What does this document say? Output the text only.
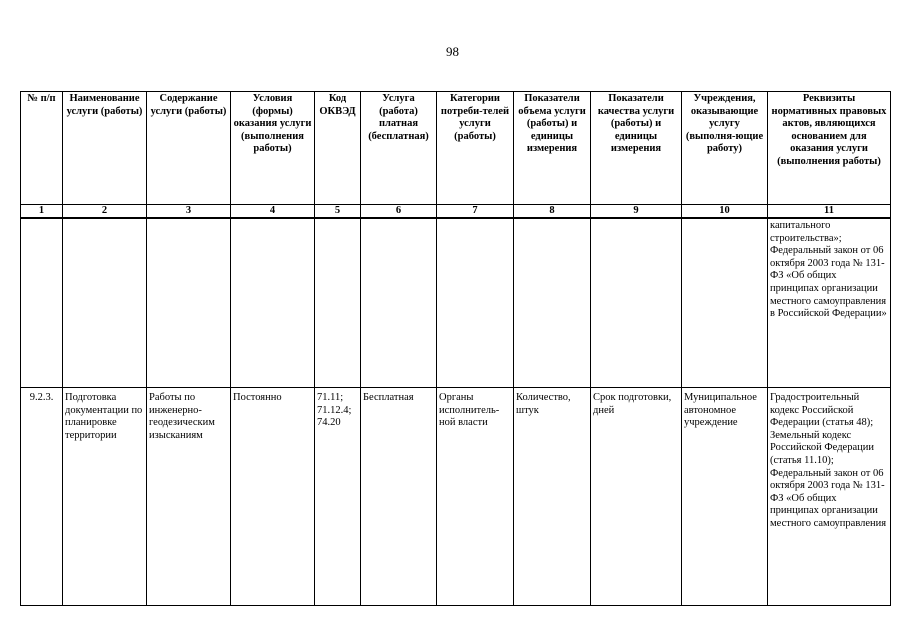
98
№ п/п	Наименование услуги (работы)	Содержание услуги (работы)	Условия (формы) оказания услуги (выполнения работы)	Код ОКВЭД	Услуга (работа) платная (бесплатная)	Категории потреби-телей услуги (работы)	Показатели объема услуги (работы) и единицы измерения	Показатели качества услуги (работы) и единицы измерения	Учреждения, оказывающие услугу (выполня-ющие работу)	Реквизиты нормативных правовых актов, являющихся основанием для оказания услуги (выполнения работы)
1	2	3	4	5	6	7	8	9	10	11
										капитального строительства»; Федеральный закон от 06 октября 2003 года № 131-ФЗ «Об общих принципах организации местного самоуправления в Российской Федерации»
9.2.3.	Подготовка документации по планировке территории	Работы по инженерно-геодезическим изысканиям	Постоянно	71.11; 71.12.4; 74.20	Бесплатная	Органы исполнитель-ной власти	Количество, штук	Срок подготовки, дней	Муниципальное автономное учреждение	Градостроительный кодекс Российской Федерации (статья 48); Земельный кодекс Российской Федерации (статья 11.10); Федеральный закон от 06 октября 2003 года № 131-ФЗ «Об общих принципах организации местного самоуправления
